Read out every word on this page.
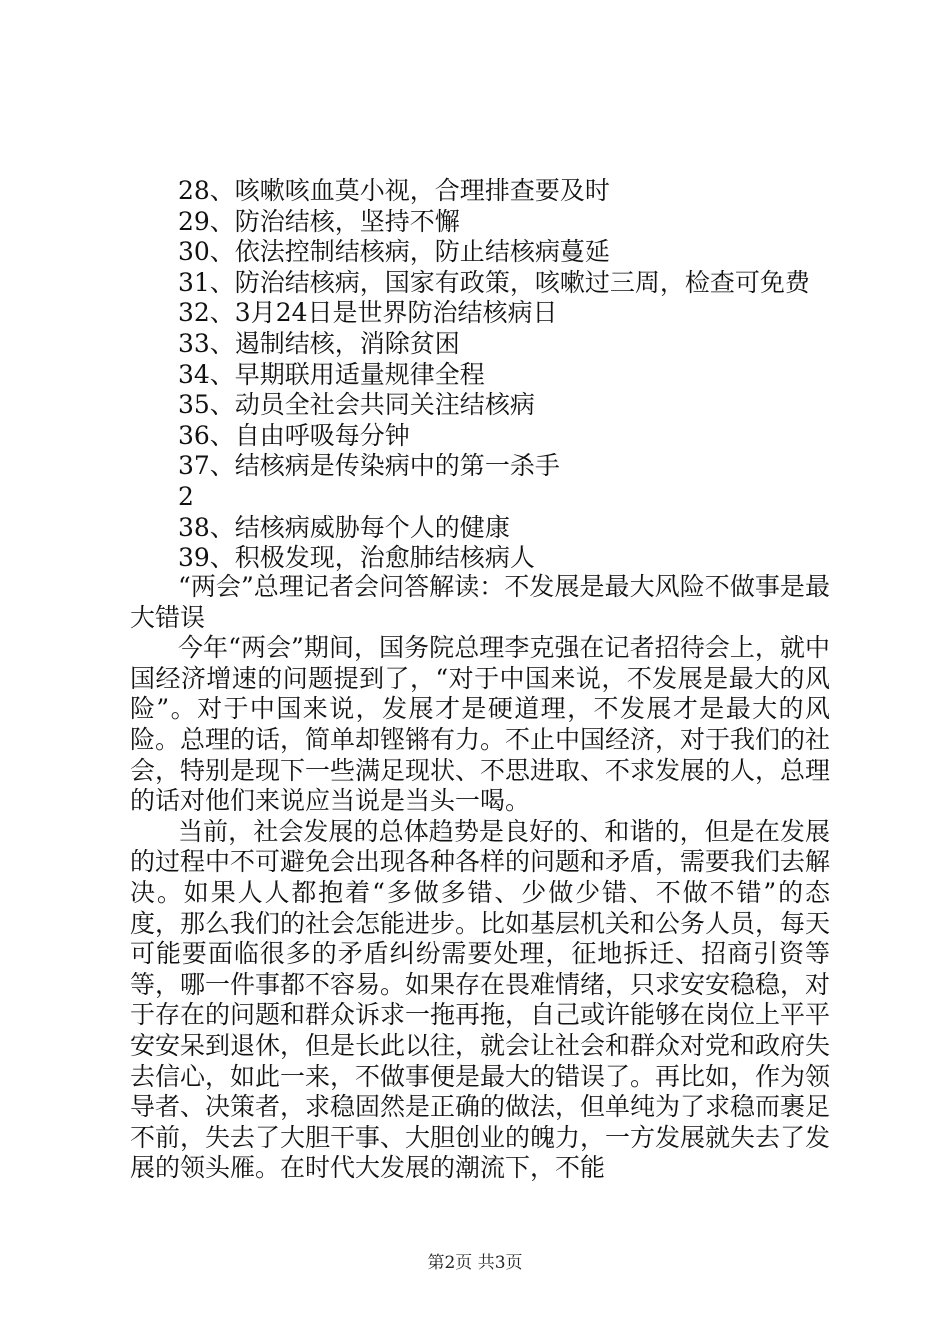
28、咳嗽咳血莫小视，合理排查要及时
29、防治结核，坚持不懈
30、依法控制结核病，防止结核病蔓延
31、防治结核病，国家有政策，咳嗽过三周，检查可免费
32、3月24日是世界防治结核病日
33、遏制结核，消除贫困
34、早期联用适量规律全程
35、动员全社会共同关注结核病
36、自由呼吸每分钟
37、结核病是传染病中的第一杀手
2
38、结核病威胁每个人的健康
39、积极发现，治愈肺结核病人

“两会”总理记者会问答解读：不发展是最大风险不做事是最大错误

今年“两会”期间，国务院总理李克强在记者招待会上，就中国经济增速的问题提到了，“对于中国来说，不发展是最大的风险”。对于中国来说，发展才是硬道理，不发展才是最大的风险。总理的话，简单却铿锵有力。不止中国经济，对于我们的社会，特别是现下一些满足现状、不思进取、不求发展的人，总理的话对他们来说应当说是当头一喝。

当前，社会发展的总体趋势是良好的、和谐的，但是在发展的过程中不可避免会出现各种各样的问题和矛盾，需要我们去解决。如果人人都抱着“多做多错、少做少错、不做不错”的态度，那么我们的社会怎能进步。比如基层机关和公务人员，每天可能要面临很多的矛盾纠纷需要处理，征地拆迁、招商引资等等，哪一件事都不容易。如果存在畏难情绪，只求安安稳稳，对于存在的问题和群众诉求一拖再拖，自己或许能够在岗位上平平安安呆到退休，但是长此以往，就会让社会和群众对党和政府失去信心，如此一来，不做事便是最大的错误了。再比如，作为领导者、决策者，求稳固然是正确的做法，但单纯为了求稳而裹足不前，失去了大胆干事、大胆创业的魄力，一方发展就失去了发展的领头雁。在时代大发展的潮流下，不能

第2页 共3页
